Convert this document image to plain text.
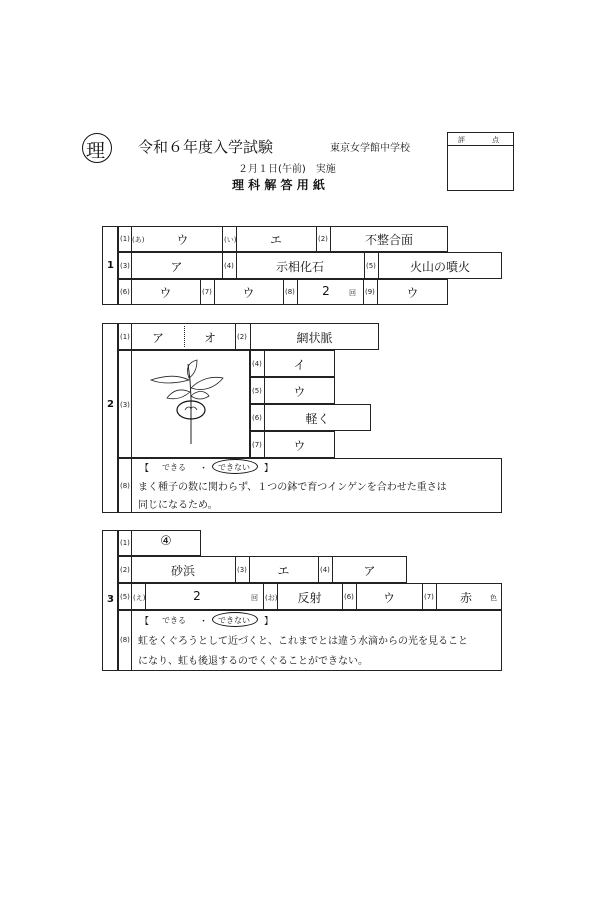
理 令和６年度入学試験	東京女学館中学校
２月１日(午前)　実施
理 科 解 答 用 紙
評	点
1
(1) (あ)	ウ	(い)	エ	(2)	不整合面
(3)	ア	(4)	示相化石	(5)	火山の噴火
(6)	ウ	(7)	ウ	(8)	2	回 (9)	ウ
2
(1)	ア	オ	(2)	網状脈
(3)
(4)	イ
(5)	ウ
(6)	軽く
(7)	ウ
(8)
【 できる ・ できない 】
まく種子の数に関わらず、１つの鉢で育つインゲンを合わせた重さは
同じになるため。
3
(1)	④
(2)	砂浜	(3)	エ	(4)	ア
(5) (え)	2	回 (お)	反射	(6)	ウ	(7)	赤	色
(8)
【 できる ・ できない 】
虹をくぐろうとして近づくと、これまでとは違う水滴からの光を見ること
になり、虹も後退するのでくぐることができない。
